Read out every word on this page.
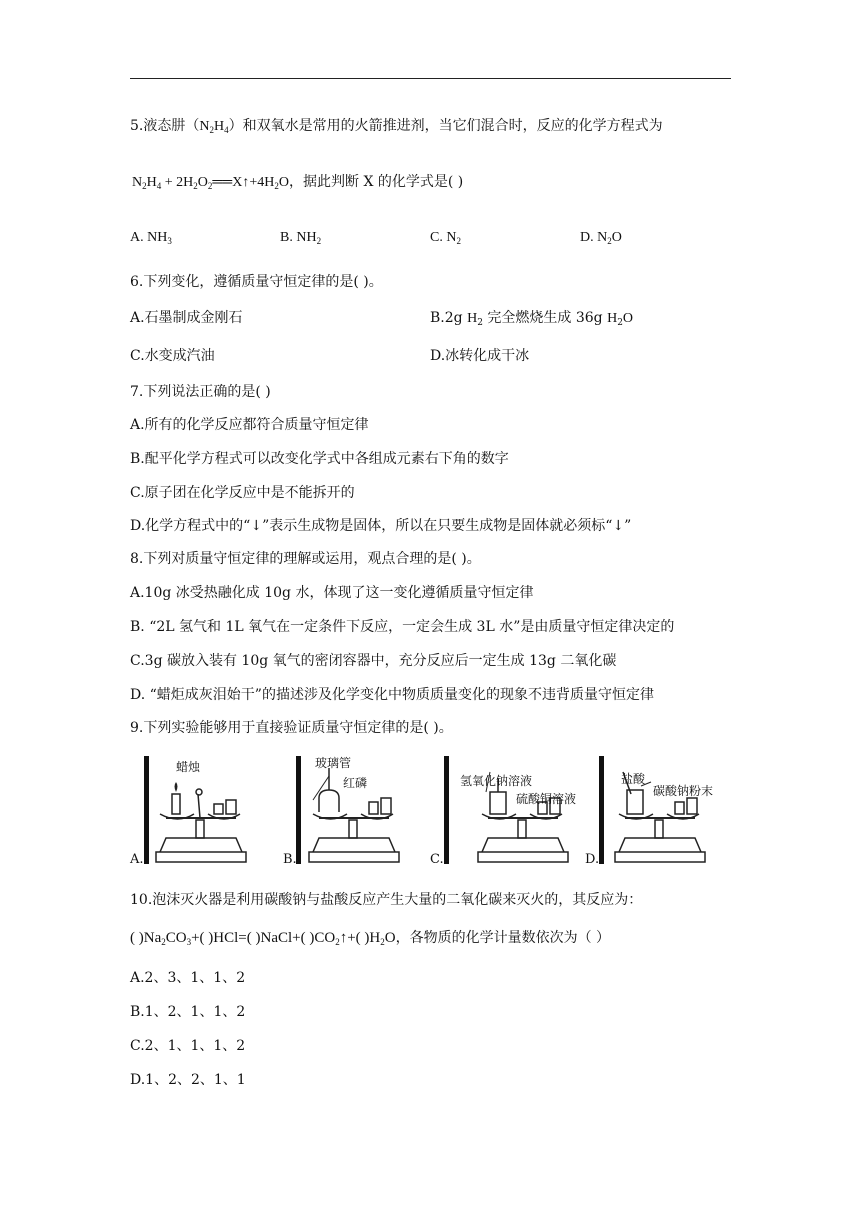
5.液态肼$(N_2H_4)$和双氧水是常用的火箭推进剂，当它们混合时，反应的化学方程式为
$N_2H_4$ + $2H_2O_2══X↑+4H_2O$，据此判断 X 的化学式是( )
A. $NH_3$	B. $NH_2$	C. $N_2$	D. $N_2O$
6.下列变化，遵循质量守恒定律的是( )。
A.石墨制成金刚石	B.2g $H_2$ 完全燃烧生成 36g $H_2O$
C.水变成汽油	D.冰转化成干冰
7.下列说法正确的是( )
A.所有的化学反应都符合质量守恒定律
B.配平化学方程式可以改变化学式中各组成元素右下角的数字
C.原子团在化学反应中是不能拆开的
D.化学方程式中的“↓”表示生成物是固体，所以在只要生成物是固体就必须标“↓”
8.下列对质量守恒定律的理解或运用，观点合理的是( )。
A.10g 冰受热融化成 10g 水，体现了这一变化遵循质量守恒定律
B. “2L 氢气和 1L 氧气在一定条件下反应，一定会生成 3L 水”是由质量守恒定律决定的
C.3g 碳放入装有 10g 氧气的密闭容器中，充分反应后一定生成 13g 二氧化碳
D. “蜡炬成灰泪始干”的描述涉及化学变化中物质质量变化的现象不违背质量守恒定律
9.下列实验能够用于直接验证质量守恒定律的是( )。
蜡烛
A.
玻璃管
红磷
B.
氢氧化钠溶液
硫酸铜溶液
C.
盐酸
碳酸钠粉末
D.
10.泡沫灭火器是利用碳酸钠与盐酸反应产生大量的二氧化碳来灭火的，其反应为：
( )$Na_2CO_3+$( )HCl=( )NaCl+( )$CO_2↑+$( )$H_2O$，各物质的化学计量数依次为（ ）
A.2、3、1、1、2
B.1、2、1、1、2
C.2、1、1、1、2
D.1、2、2、1、1
